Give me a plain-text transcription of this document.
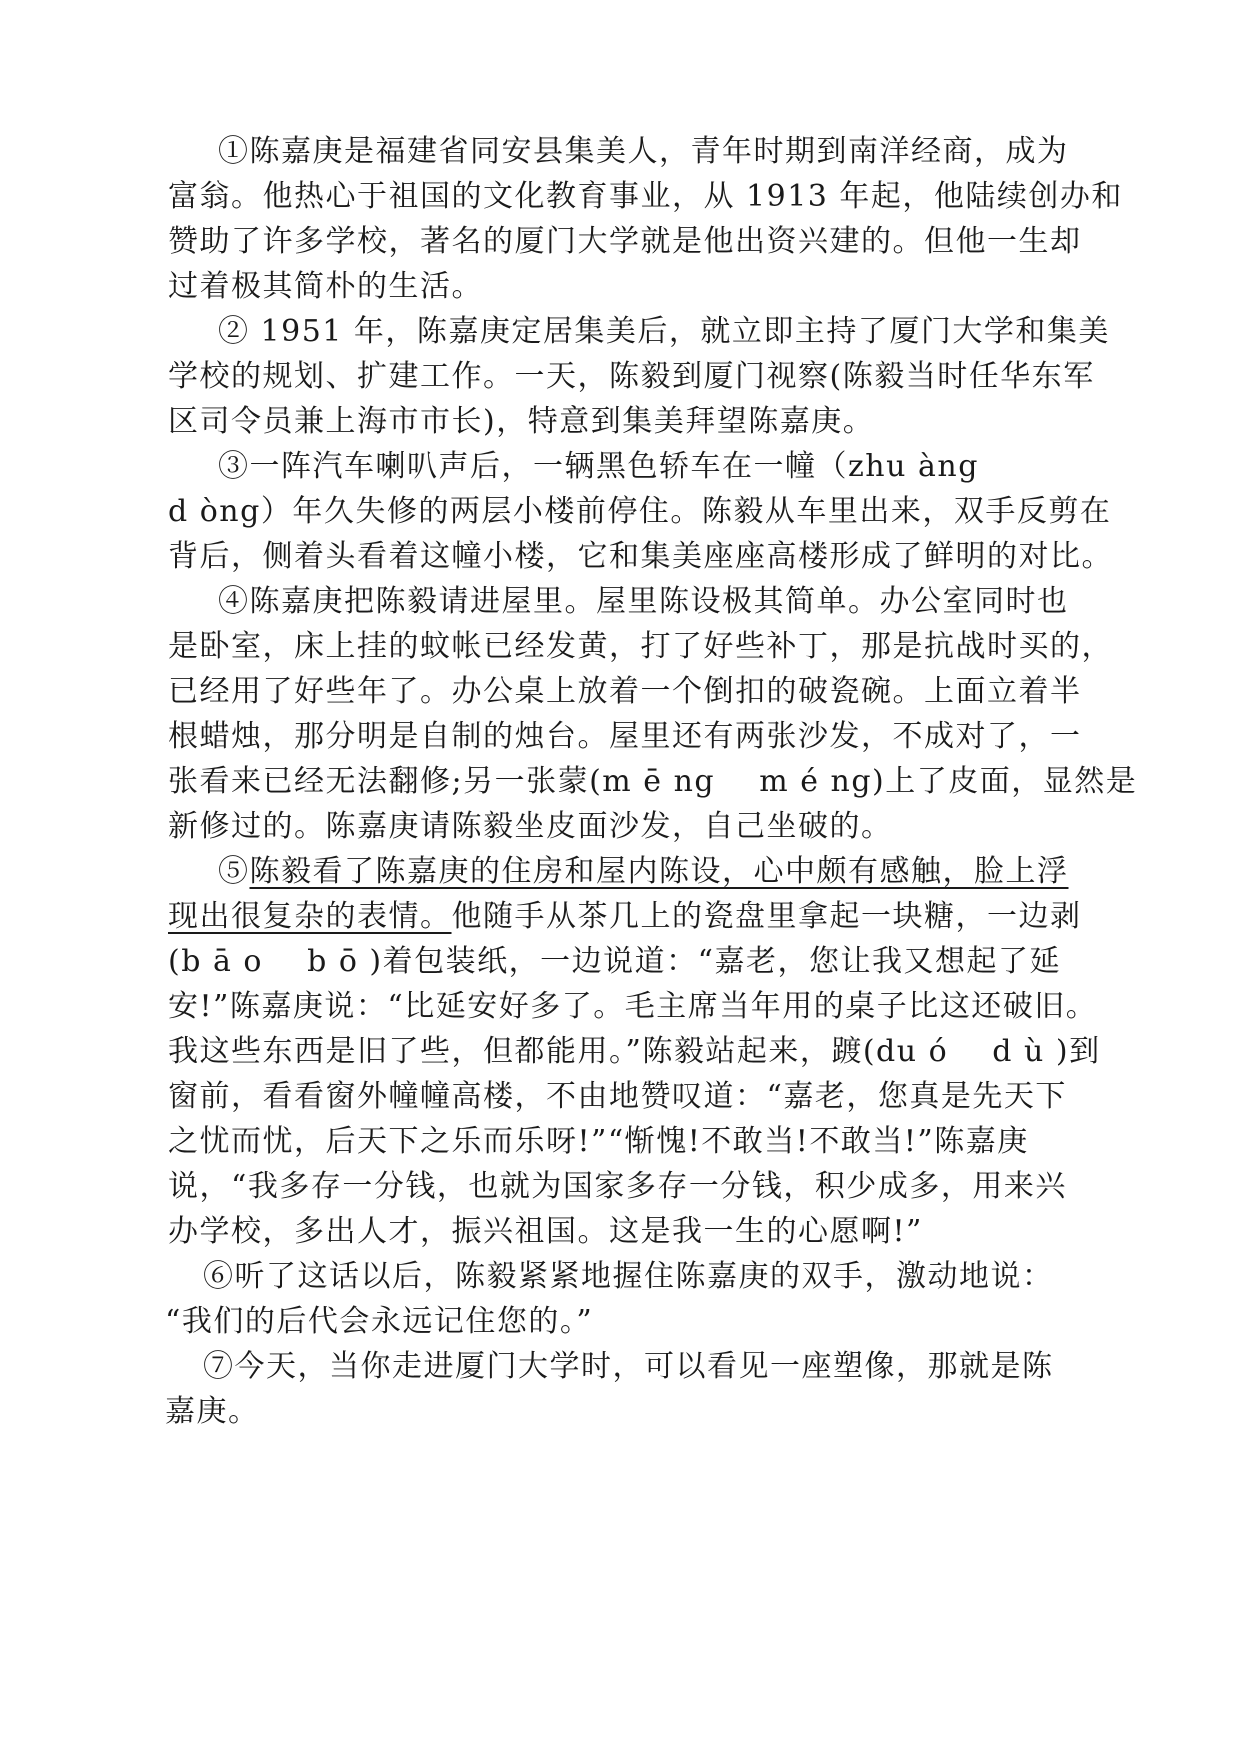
①陈嘉庚是福建省同安县集美人，青年时期到南洋经商，成为
富翁。他热心于祖国的文化教育事业，从 1913 年起，他陆续创办和
赞助了许多学校，著名的厦门大学就是他出资兴建的。但他一生却
过着极其简朴的生活。
② 1951 年，陈嘉庚定居集美后，就立即主持了厦门大学和集美
学校的规划、扩建工作。一天，陈毅到厦门视察(陈毅当时任华东军
区司令员兼上海市市长)，特意到集美拜望陈嘉庚。
③一阵汽车喇叭声后，一辆黑色轿车在一幢（zhu àng
d òng）年久失修的两层小楼前停住。陈毅从车里出来，双手反剪在
背后，侧着头看着这幢小楼，它和集美座座高楼形成了鲜明的对比。
④陈嘉庚把陈毅请进屋里。屋里陈设极其简单。办公室同时也
是卧室，床上挂的蚊帐已经发黄，打了好些补丁，那是抗战时买的，
已经用了好些年了。办公桌上放着一个倒扣的破瓷碗。上面立着半
根蜡烛，那分明是自制的烛台。屋里还有两张沙发，不成对了，一
张看来已经无法翻修;另一张蒙(m ē ng    m é ng)上了皮面，显然是
新修过的。陈嘉庚请陈毅坐皮面沙发，自己坐破的。
⑤陈毅看了陈嘉庚的住房和屋内陈设，心中颇有感触，脸上浮
现出很复杂的表情。他随手从茶几上的瓷盘里拿起一块糖，一边剥
(b ā o    b ō )着包装纸，一边说道：“嘉老，您让我又想起了延
安!”陈嘉庚说：“比延安好多了。毛主席当年用的桌子比这还破旧。
我这些东西是旧了些，但都能用。”陈毅站起来，踱(du ó    d ù )到
窗前，看看窗外幢幢高楼，不由地赞叹道：“嘉老，您真是先天下
之忧而忧，后天下之乐而乐呀!”“惭愧!不敢当!不敢当!”陈嘉庚
说，“我多存一分钱，也就为国家多存一分钱，积少成多，用来兴
办学校，多出人才，振兴祖国。这是我一生的心愿啊!”
⑥听了这话以后，陈毅紧紧地握住陈嘉庚的双手，激动地说：
“我们的后代会永远记住您的。”
⑦今天，当你走进厦门大学时，可以看见一座塑像，那就是陈
嘉庚。
